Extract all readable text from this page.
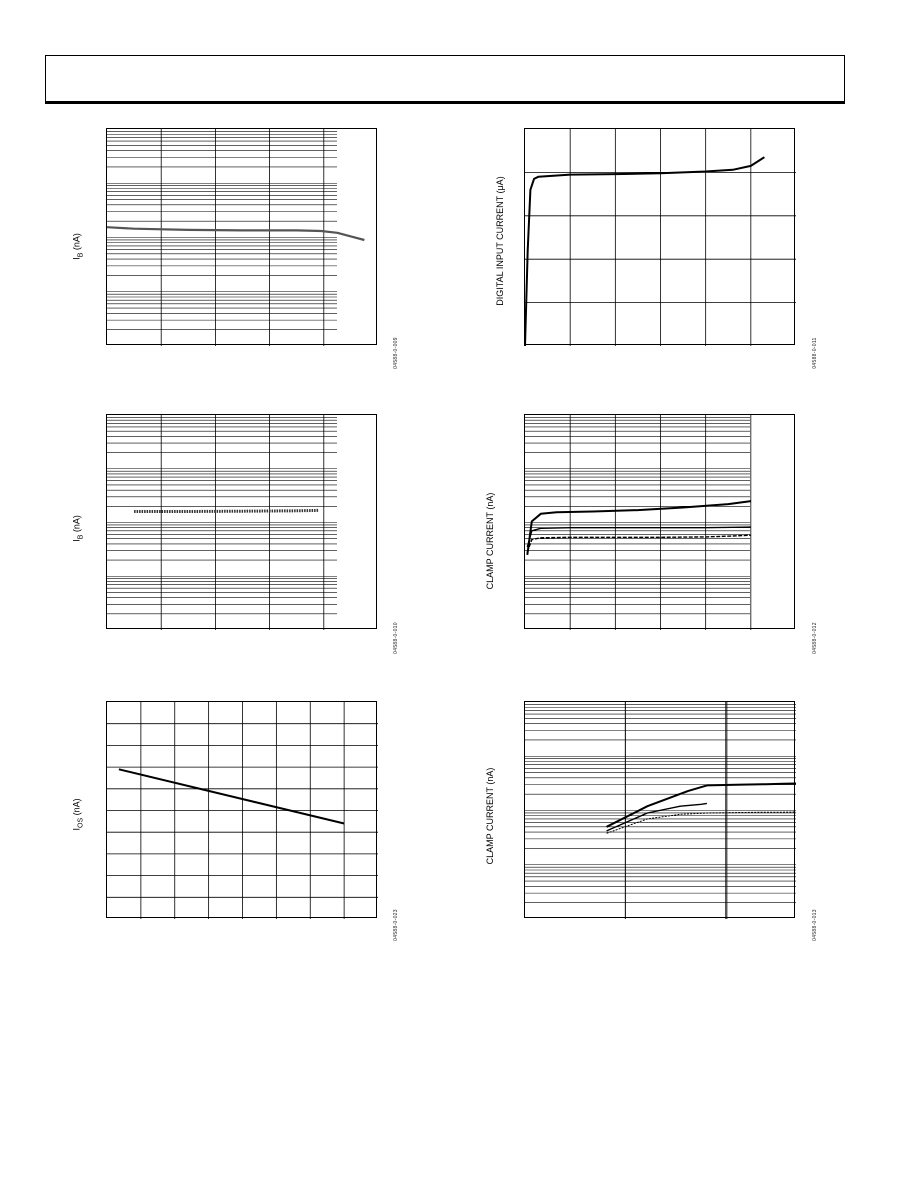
$I_B$ (nA)
04588-0-009
$I_B$ (nA)
04588-0-010
$I_{OS}$ (nA)
04588-0-023
DIGITAL INPUT CURRENT (μA)
04588-0-011
CLAMP CURRENT (nA)
04588-0-012
CLAMP CURRENT (nA)
04588-0-013
